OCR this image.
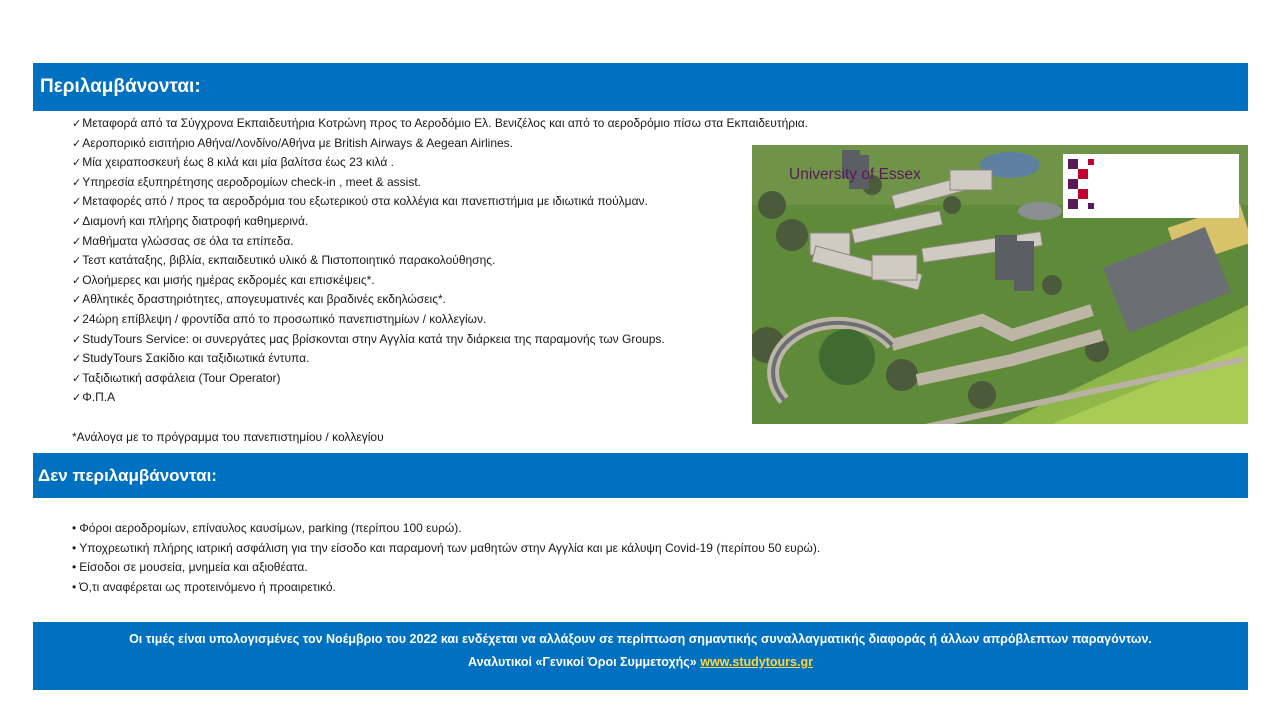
Περιλαμβάνονται:
✓Μεταφορά από τα Σύγχρονα Εκπαιδευτήρια Κοτρώνη προς το Αεροδόμιο Ελ. Βενιζέλος και από το αεροδρόμιο πίσω στα Εκπαιδευτήρια.
✓Αεροπορικό εισιτήριο Αθήνα/Λονδίνο/Αθήνα με British Airways & Aegean Airlines.
✓Μία χειραποσκευή έως 8 κιλά και μία βαλίτσα έως 23 κιλά .
✓Υπηρεσία εξυπηρέτησης αεροδρομίων check-in , meet & assist.
✓Μεταφορές από / προς τα αεροδρόμια του εξωτερικού στα κολλέγια και πανεπιστήμια με ιδιωτικά πούλμαν.
✓Διαμονή και πλήρης διατροφή καθημερινά.
✓Μαθήματα γλώσσας σε όλα τα επίπεδα.
✓Τεστ κατάταξης, βιβλία, εκπαιδευτικό υλικό & Πιστοποιητικό παρακολούθησης.
✓Ολοήμερες και μισής ημέρας εκδρομές και επισκέψεις*.
✓Αθλητικές δραστηριότητες, απογευματινές και βραδινές εκδηλώσεις*.
✓24ώρη επίβλεψη / φροντίδα από το προσωπικό πανεπιστημίων / κολλεγίων.
✓StudyTours Service: οι συνεργάτες μας βρίσκονται στην Αγγλία κατά την διάρκεια της παραμονής των Groups.
✓StudyTours Σακίδιο και ταξιδιωτικά έντυπα.
✓Ταξιδιωτική ασφάλεια (Tour Operator)
✓Φ.Π.Α
*Ανάλογα με το πρόγραμμα του πανεπιστημίου / κολλεγίου
University of Essex
Δεν περιλαμβάνονται:
• Φόροι αεροδρομίων, επίναυλος καυσίμων, parking (περίπου 100 ευρώ).
• Υποχρεωτική πλήρης ιατρική ασφάλιση για την είσοδο και παραμονή των μαθητών στην Αγγλία και με κάλυψη Covid-19 (περίπου 50 ευρώ).
• Είσοδοι σε μουσεία, μνημεία και αξιοθέατα.
• Ό,τι αναφέρεται ως προτεινόμενο ή προαιρετικό.
Οι τιμές είναι υπολογισμένες τον Νοέμβριο του 2022 και ενδέχεται να αλλάξουν σε περίπτωση σημαντικής συναλλαγματικής διαφοράς ή άλλων απρόβλεπτων παραγόντων.
Αναλυτικοί «Γενικοί Όροι Συμμετοχής» www.studytours.gr
